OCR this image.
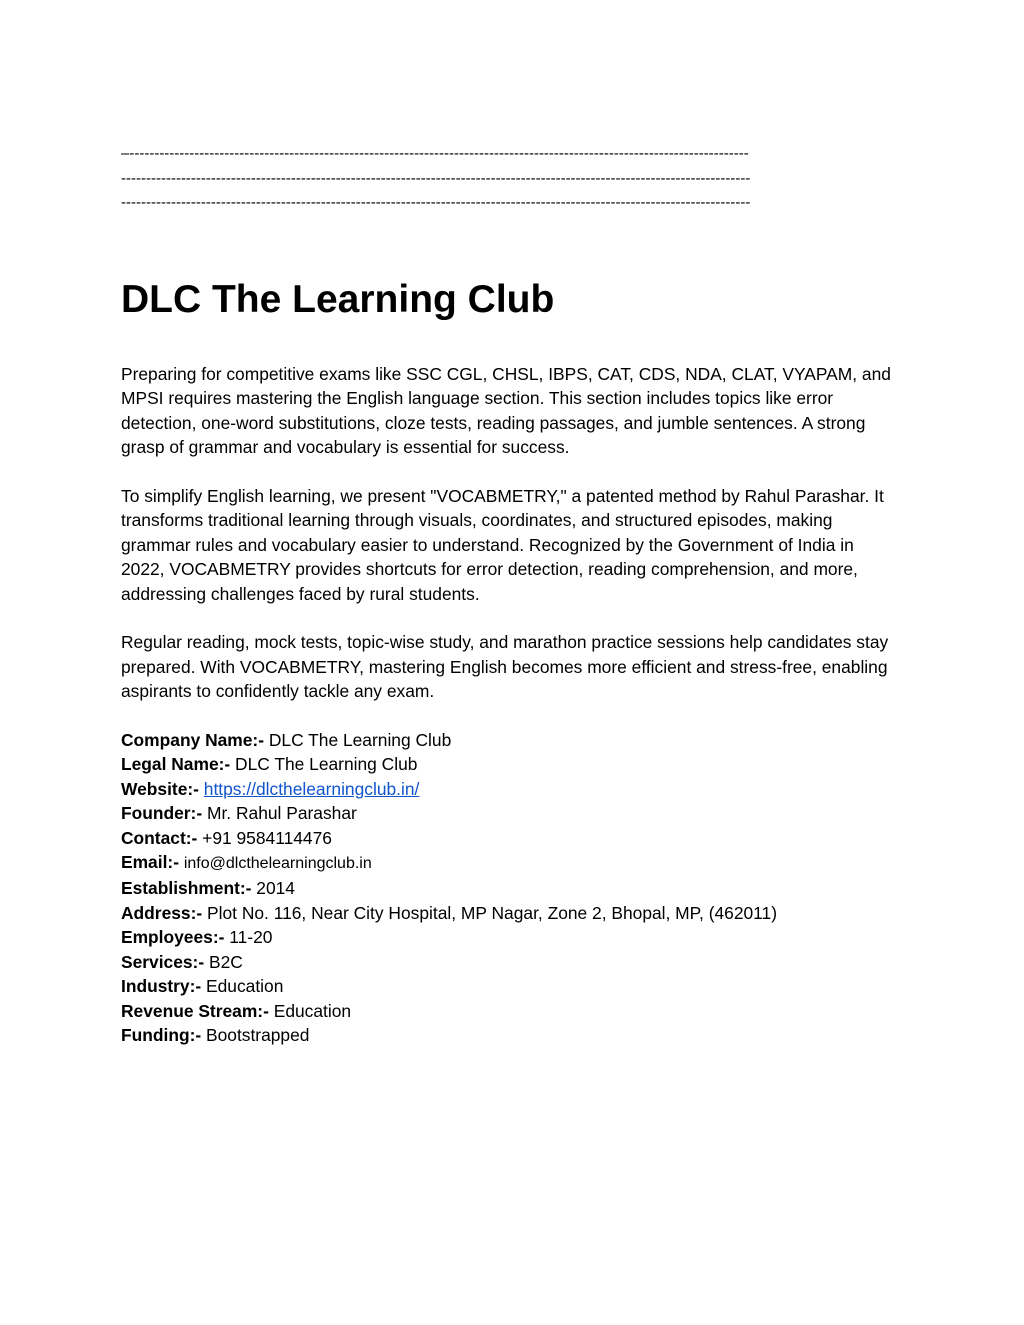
–----------------------------------------------------------------------------------------------------------------------------
------------------------------------------------------------------------------------------------------------------------------
------------------------------------------------------------------------------------------------------------------------------
DLC The Learning Club

Preparing for competitive exams like SSC CGL, CHSL, IBPS, CAT, CDS, NDA, CLAT, VYAPAM, and MPSI requires mastering the English language section. This section includes topics like error detection, one-word substitutions, cloze tests, reading passages, and jumble sentences. A strong grasp of grammar and vocabulary is essential for success.

To simplify English learning, we present "VOCABMETRY," a patented method by Rahul Parashar. It transforms traditional learning through visuals, coordinates, and structured episodes, making grammar rules and vocabulary easier to understand. Recognized by the Government of India in 2022, VOCABMETRY provides shortcuts for error detection, reading comprehension, and more, addressing challenges faced by rural students.

Regular reading, mock tests, topic-wise study, and marathon practice sessions help candidates stay prepared. With VOCABMETRY, mastering English becomes more efficient and stress-free, enabling aspirants to confidently tackle any exam.

Company Name:- DLC The Learning Club
Legal Name:- DLC The Learning Club
Website:- https://dlcthelearningclub.in/
Founder:- Mr. Rahul Parashar
Contact:- +91 9584114476
Email:- info@dlcthelearningclub.in
Establishment:- 2014
Address:- Plot No. 116, Near City Hospital, MP Nagar, Zone 2, Bhopal, MP, (462011)
Employees:- 11-20
Services:- B2C
Industry:- Education
Revenue Stream:- Education
Funding:- Bootstrapped
